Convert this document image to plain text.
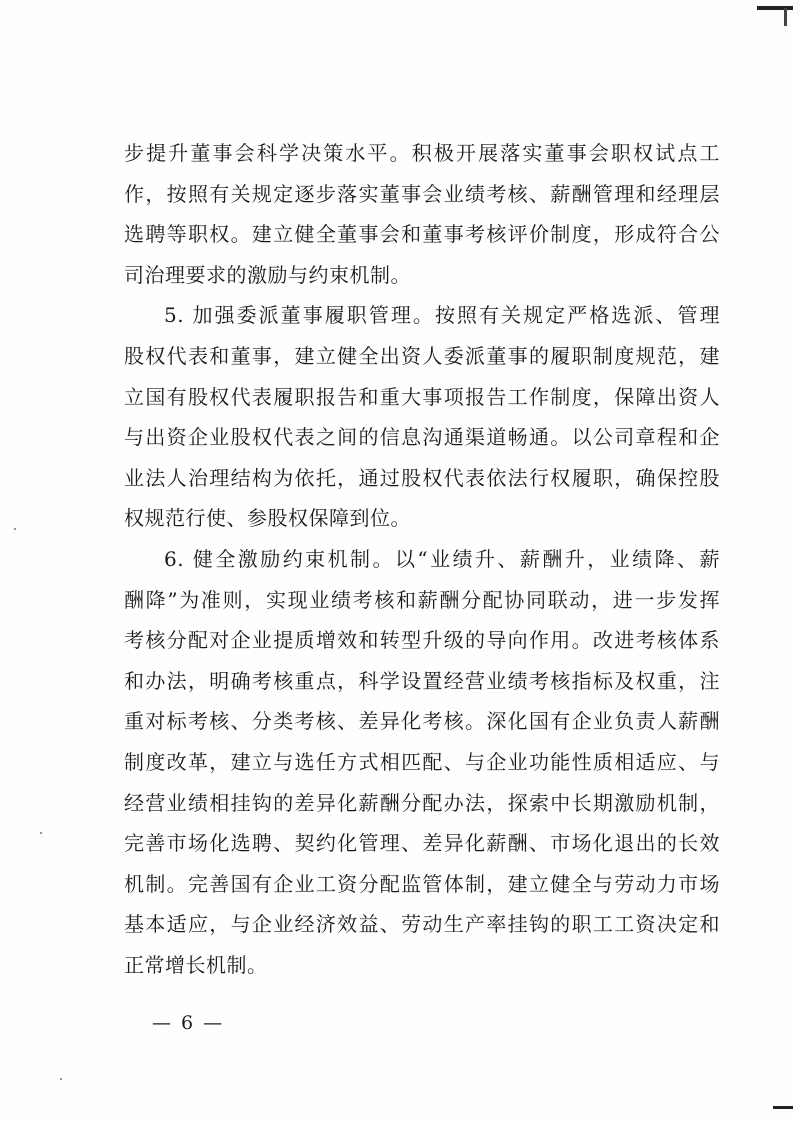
步提升董事会科学决策水平。积极开展落实董事会职权试点工
作，按照有关规定逐步落实董事会业绩考核、薪酬管理和经理层
选聘等职权。建立健全董事会和董事考核评价制度，形成符合公
司治理要求的激励与约束机制。
5. 加强委派董事履职管理。按照有关规定严格选派、管理
股权代表和董事，建立健全出资人委派董事的履职制度规范，建
立国有股权代表履职报告和重大事项报告工作制度，保障出资人
与出资企业股权代表之间的信息沟通渠道畅通。以公司章程和企
业法人治理结构为依托，通过股权代表依法行权履职，确保控股
权规范行使、参股权保障到位。
6. 健全激励约束机制。以“业绩升、薪酬升，业绩降、薪
酬降”为准则，实现业绩考核和薪酬分配协同联动，进一步发挥
考核分配对企业提质增效和转型升级的导向作用。改进考核体系
和办法，明确考核重点，科学设置经营业绩考核指标及权重，注
重对标考核、分类考核、差异化考核。深化国有企业负责人薪酬
制度改革，建立与选任方式相匹配、与企业功能性质相适应、与
经营业绩相挂钩的差异化薪酬分配办法，探索中长期激励机制，
完善市场化选聘、契约化管理、差异化薪酬、市场化退出的长效
机制。完善国有企业工资分配监管体制，建立健全与劳动力市场
基本适应，与企业经济效益、劳动生产率挂钩的职工工资决定和
正常增长机制。
— 6 —
